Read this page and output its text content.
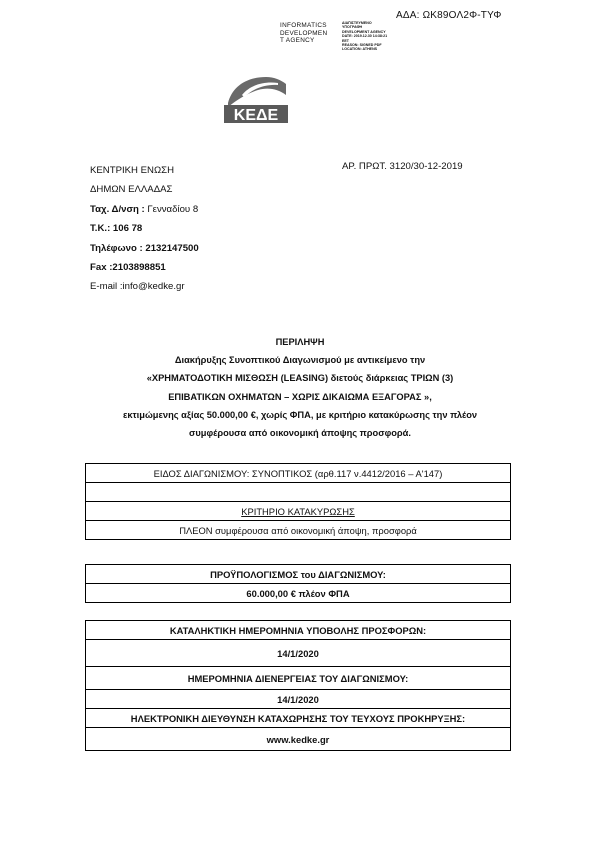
ΑΔΑ: ΩΚ89ΟΛ2Φ-ΤΥΦ
INFORMATICS
DEVELOPMEN
T AGENCY
ΔΙΑΠΙΣΤΕΥΜΕΝΟ
ΥΠΟΓΡΑΦΗ
DEVELOPMENT AGENCY
DATE: 2019.12.30 14:38:21
EET
REASON: SIGNED PDF
LOCATION: ATHENS
ΚΕΔΕ
ΚΕΝΤΡΙΚΗ ΕΝΩΣΗ
ΔΗΜΩΝ ΕΛΛΑΔΑΣ
Ταχ. Δ/νση : Γενναδίου 8
Τ.Κ.: 106 78
Τηλέφωνο : 2132147500
Fax :2103898851
E-mail :info@kedke.gr
ΑΡ. ΠΡΩΤ. 3120/30-12-2019
ΠΕΡΙΛΗΨΗ
Διακήρυξης Συνοπτικού Διαγωνισμού με αντικείμενο την
«ΧΡΗΜΑΤΟΔΟΤΙΚΗ ΜΙΣΘΩΣΗ (LEASING) διετούς διάρκειας ΤΡΙΩΝ (3)
ΕΠΙΒΑΤΙΚΩΝ ΟΧΗΜΑΤΩΝ – ΧΩΡΙΣ ΔΙΚΑΙΩΜΑ ΕΞΑΓΟΡΑΣ »,
εκτιμώμενης αξίας 50.000,00 €, χωρίς ΦΠΑ, με κριτήριο κατακύρωσης την πλέον
συμφέρουσα από οικονομική άποψης προσφορά.
ΕΙΔΟΣ ΔΙΑΓΩΝΙΣΜΟΥ: ΣΥΝΟΠΤΙΚΟΣ (αρθ.117 ν.4412/2016 – Α'147)

ΚΡΙΤΗΡΙΟ ΚΑΤΑΚΥΡΩΣΗΣ
ΠΛΕΟΝ συμφέρουσα από οικονομική άποψη, προσφορά
ΠΡΟΫΠΟΛΟΓΙΣΜΟΣ του ΔΙΑΓΩΝΙΣΜΟΥ:
60.000,00 € πλέον ΦΠΑ
ΚΑΤΑΛΗΚΤΙΚΗ ΗΜΕΡΟΜΗΝΙΑ ΥΠΟΒΟΛΗΣ ΠΡΟΣΦΟΡΩΝ:
14/1/2020
ΗΜΕΡΟΜΗΝΙΑ ΔΙΕΝΕΡΓΕΙΑΣ ΤΟΥ ΔΙΑΓΩΝΙΣΜΟΥ:
14/1/2020
ΗΛΕΚΤΡΟΝΙΚΗ ΔΙΕΥΘΥΝΣΗ ΚΑΤΑΧΩΡΗΣΗΣ ΤΟΥ ΤΕΥΧΟΥΣ ΠΡΟΚΗΡΥΞΗΣ:
www.kedke.gr
